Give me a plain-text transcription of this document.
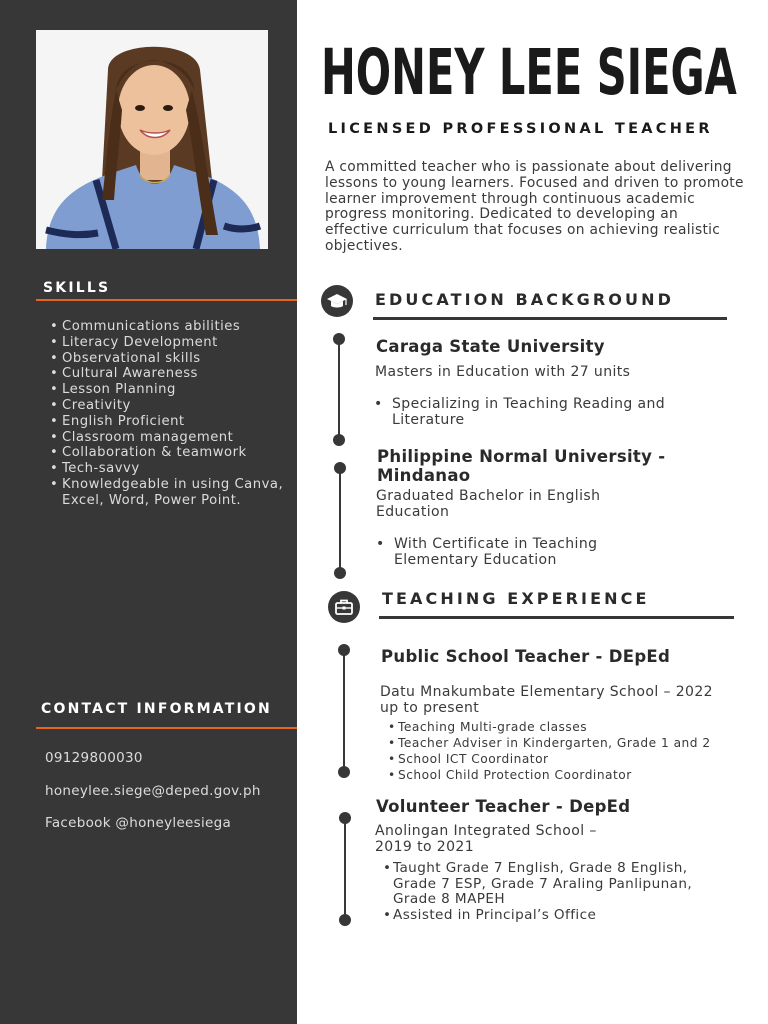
SKILLS
• Communications abilities
• Literacy Development
• Observational skills
• Cultural Awareness
• Lesson Planning
• Creativity
• English Proficient
• Classroom management
• Collaboration & teamwork
• Tech-savvy
• Knowledgeable in using Canva, Excel, Word, Power Point.
CONTACT INFORMATION
09129800030
honeylee.siege@deped.gov.ph
Facebook @honeyleesiega
HONEY LEE SIEGA
LICENSED PROFESSIONAL TEACHER
A committed teacher who is passionate about delivering lessons to young learners. Focused and driven to promote learner improvement through continuous academic progress monitoring. Dedicated to developing an effective curriculum that focuses on achieving realistic objectives.
EDUCATION BACKGROUND
Caraga State University
Masters in Education with 27 units
• Specializing in Teaching Reading and Literature
Philippine Normal University - Mindanao
Graduated Bachelor in English Education
• With Certificate in Teaching Elementary Education
TEACHING EXPERIENCE
Public School Teacher - DEpEd
Datu Mnakumbate Elementary School – 2022 up to present
• Teaching Multi-grade classes
• Teacher Adviser in Kindergarten, Grade 1 and 2
• School ICT Coordinator
• School Child Protection Coordinator
Volunteer Teacher - DepEd
Anolingan Integrated School – 2019 to 2021
• Taught Grade 7 English, Grade 8 English, Grade 7 ESP, Grade 7 Araling Panlipunan, Grade 8 MAPEH
• Assisted in Principal’s Office
